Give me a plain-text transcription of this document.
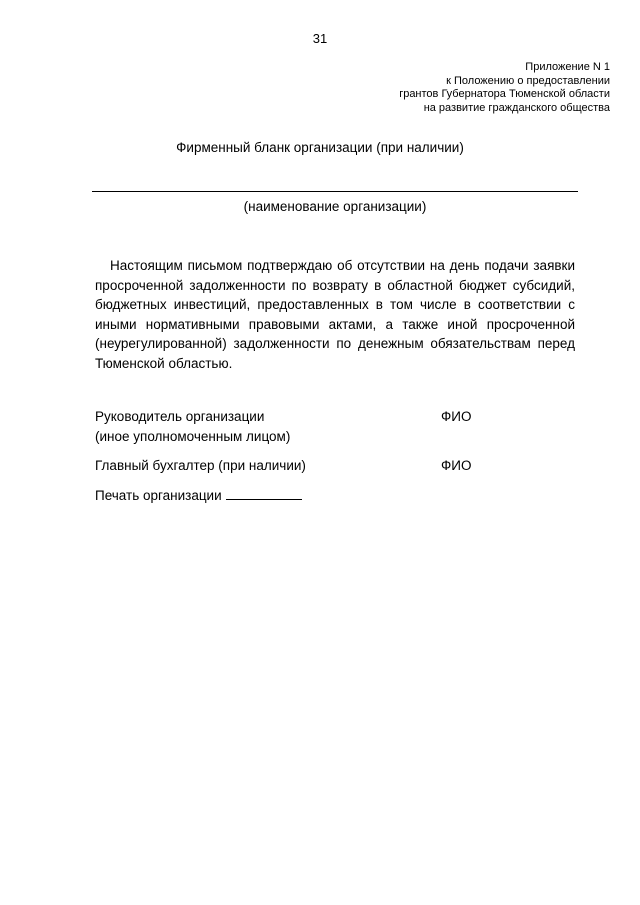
31
Приложение N 1
к Положению о предоставлении
грантов Губернатора Тюменской области
на развитие гражданского общества
Фирменный бланк организации (при наличии)
(наименование организации)

Настоящим письмом подтверждаю об отсутствии на день подачи заявки просроченной задолженности по возврату в областной бюджет субсидий, бюджетных инвестиций, предоставленных в том числе в соответствии с иными нормативными правовыми актами, а также иной просроченной (неурегулированной) задолженности по денежным обязательствам перед Тюменской областью.

Руководитель организации
(иное уполномоченным лицом)
ФИО
Главный бухгалтер (при наличии)	ФИО
Печать организации
